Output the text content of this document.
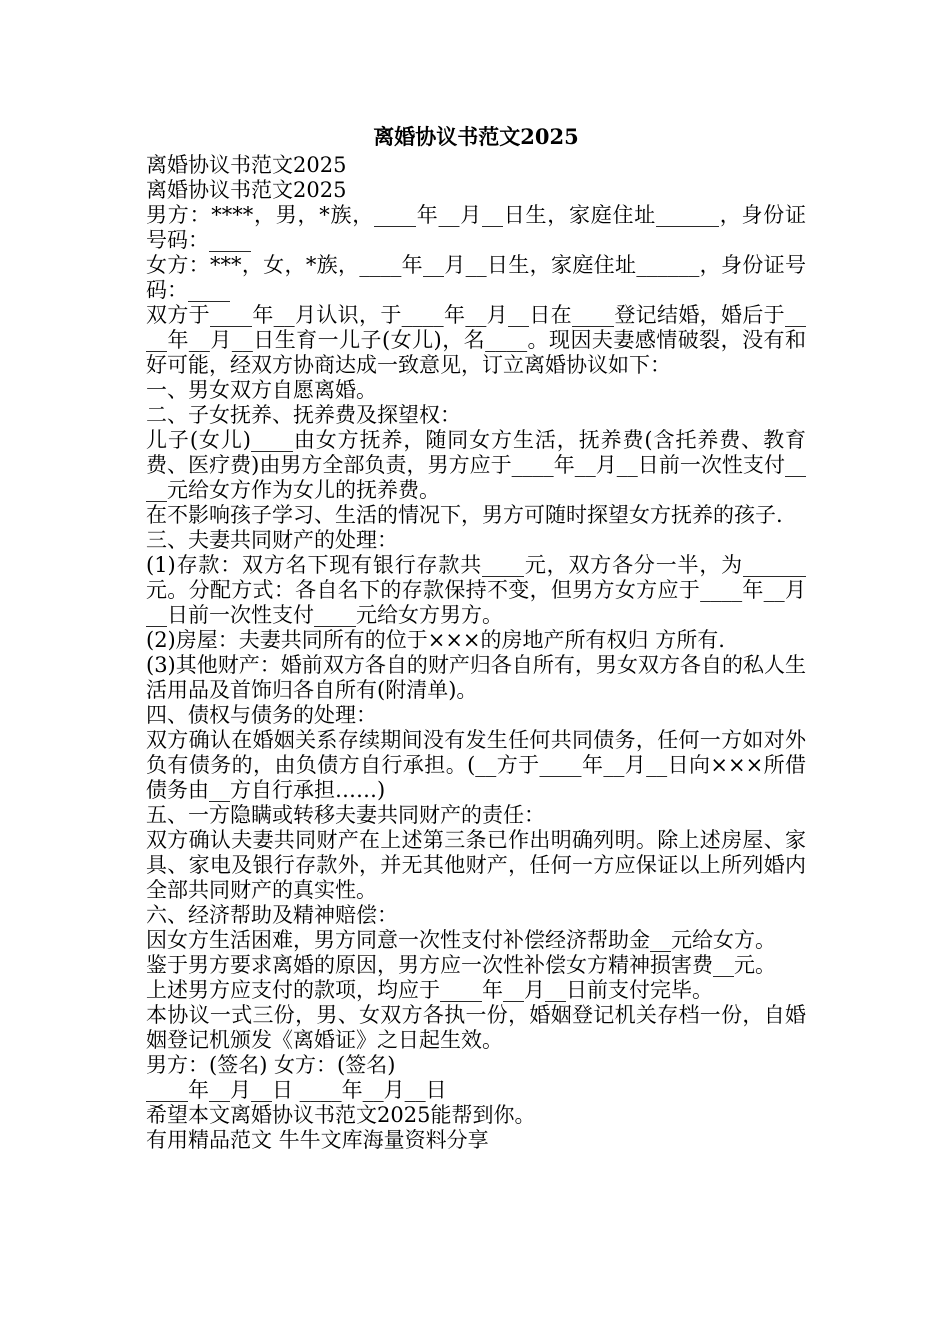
离婚协议书范文2025

离婚协议书范文2025

离婚协议书范文2025

男方：****，男，*族，____年__月__日生，家庭住址______，身份证号码：____

女方：***，女，*族，____年__月__日生，家庭住址______，身份证号码：____

双方于____年__月认识，于____年__月__日在____登记结婚，婚后于____年__月__日生育一儿子(女儿)，名____。现因夫妻感情破裂，没有和好可能，经双方协商达成一致意见，订立离婚协议如下：

一、男女双方自愿离婚。

二、子女抚养、抚养费及探望权：

儿子(女儿)____由女方抚养，随同女方生活，抚养费(含托养费、教育费、医疗费)由男方全部负责，男方应于____年__月__日前一次性支付____元给女方作为女儿的抚养费。

在不影响孩子学习、生活的情况下，男方可随时探望女方抚养的孩子.

三、夫妻共同财产的处理：

(1)存款：双方名下现有银行存款共____元，双方各分一半，为______元。分配方式：各自名下的存款保持不变，但男方女方应于____年__月__日前一次性支付____元给女方男方。

(2)房屋：夫妻共同所有的位于×××的房地产所有权归 方所有.

(3)其他财产：婚前双方各自的财产归各自所有，男女双方各自的私人生活用品及首饰归各自所有(附清单)。

四、债权与债务的处理：

双方确认在婚姻关系存续期间没有发生任何共同债务，任何一方如对外负有债务的，由负债方自行承担。(__方于____年__月__日向×××所借债务由__方自行承担……)

五、一方隐瞒或转移夫妻共同财产的责任：

双方确认夫妻共同财产在上述第三条已作出明确列明。除上述房屋、家具、家电及银行存款外，并无其他财产，任何一方应保证以上所列婚内全部共同财产的真实性。

六、经济帮助及精神赔偿：

因女方生活困难，男方同意一次性支付补偿经济帮助金__元给女方。

鉴于男方要求离婚的原因，男方应一次性补偿女方精神损害费__元。

上述男方应支付的款项，均应于____年__月__日前支付完毕。

本协议一式三份，男、女双方各执一份，婚姻登记机关存档一份，自婚姻登记机颁发《离婚证》之日起生效。

男方：(签名) 女方：(签名)

____年__月__日 ____年__月__日

希望本文离婚协议书范文2025能帮到你。

有用精品范文 牛牛文库海量资料分享
